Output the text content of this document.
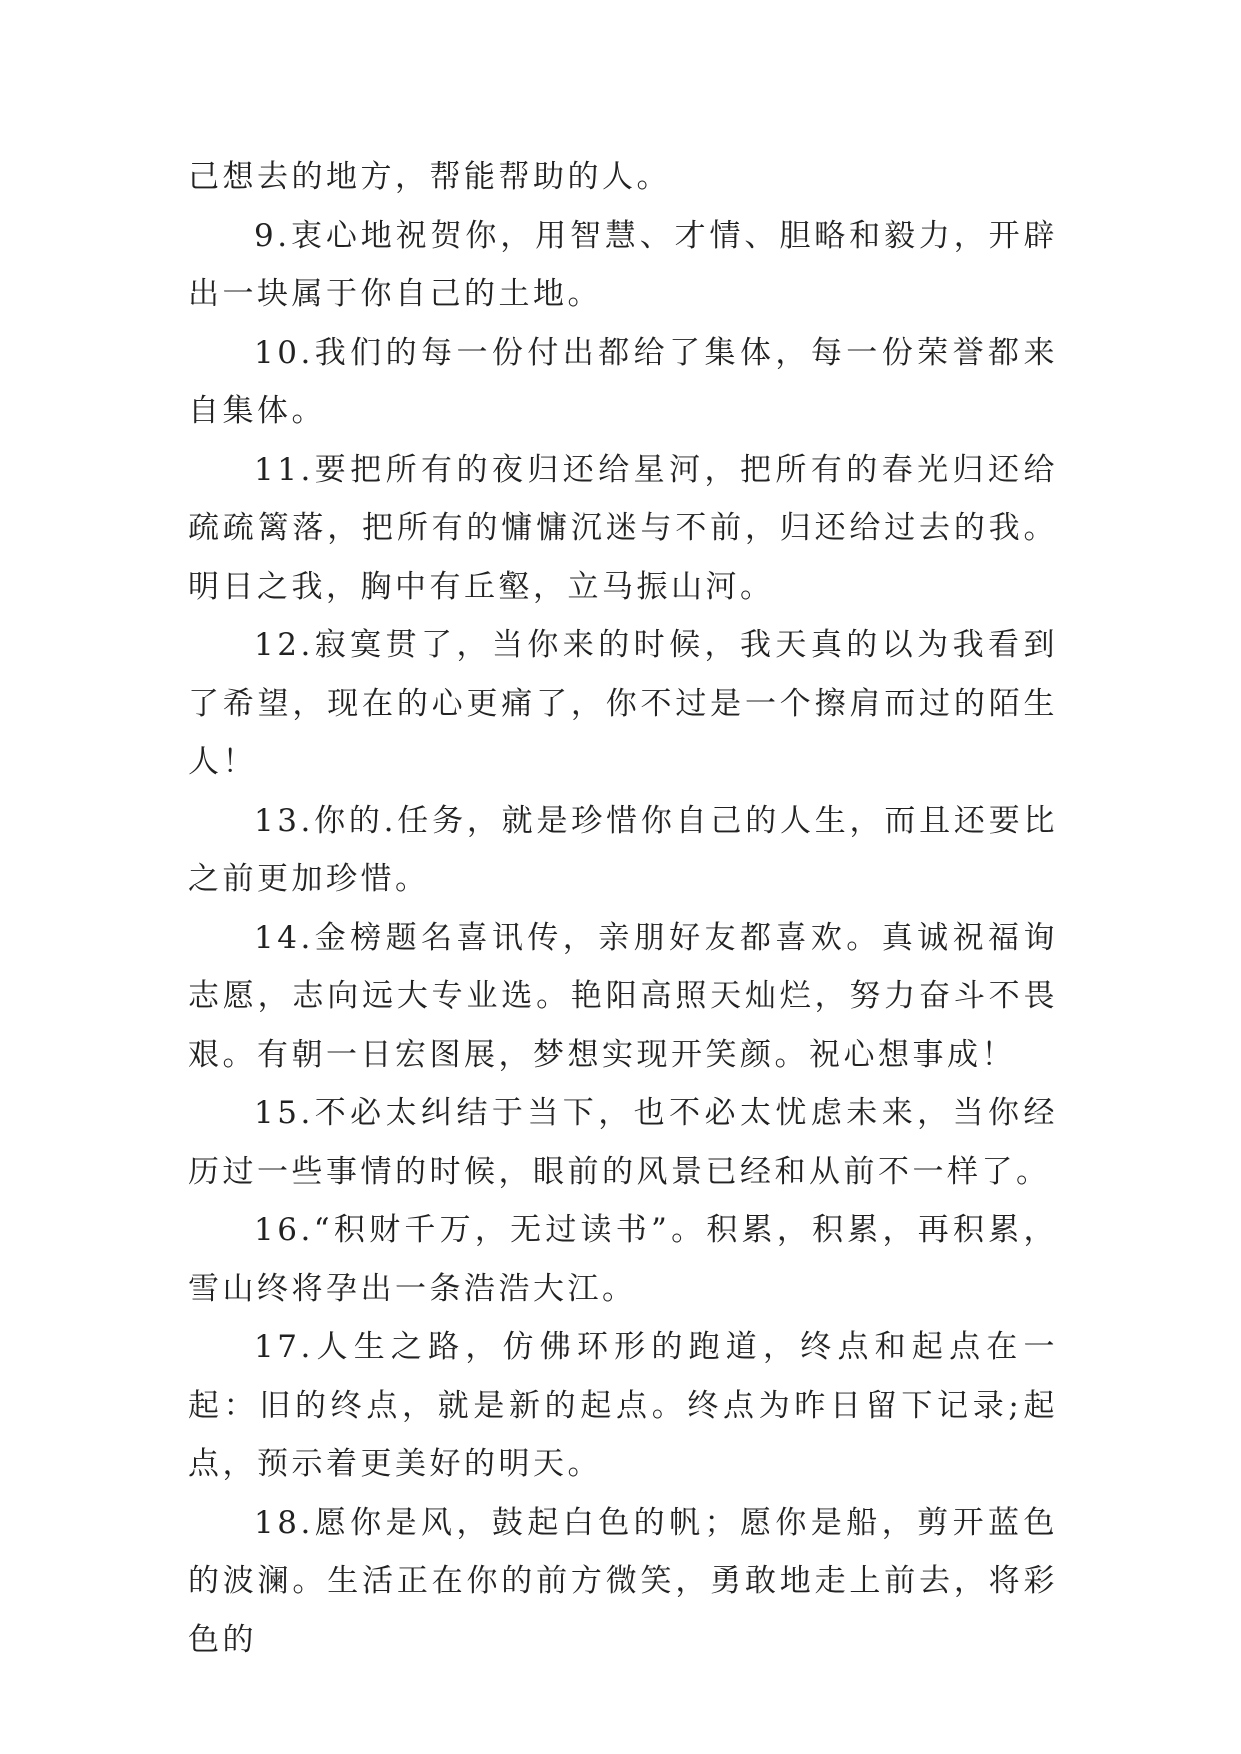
己想去的地方，帮能帮助的人。

9.衷心地祝贺你，用智慧、才情、胆略和毅力，开辟出一块属于你自己的土地。

10.我们的每一份付出都给了集体，每一份荣誉都来自集体。

11.要把所有的夜归还给星河，把所有的春光归还给疏疏篱落，把所有的慵慵沉迷与不前，归还给过去的我。明日之我，胸中有丘壑，立马振山河。

12.寂寞贯了，当你来的时候，我天真的以为我看到了希望，现在的心更痛了，你不过是一个擦肩而过的陌生人！

13.你的.任务，就是珍惜你自己的人生，而且还要比之前更加珍惜。

14.金榜题名喜讯传，亲朋好友都喜欢。真诚祝福询志愿，志向远大专业选。艳阳高照天灿烂，努力奋斗不畏艰。有朝一日宏图展，梦想实现开笑颜。祝心想事成！

15.不必太纠结于当下，也不必太忧虑未来，当你经历过一些事情的时候，眼前的风景已经和从前不一样了。

16.“积财千万，无过读书”。积累，积累，再积累，雪山终将孕出一条浩浩大江。

17.人生之路，仿佛环形的跑道，终点和起点在一起：旧的终点，就是新的起点。终点为昨日留下记录;起点，预示着更美好的明天。

18.愿你是风，鼓起白色的帆；愿你是船，剪开蓝色的波澜。生活正在你的前方微笑，勇敢地走上前去，将彩色的
